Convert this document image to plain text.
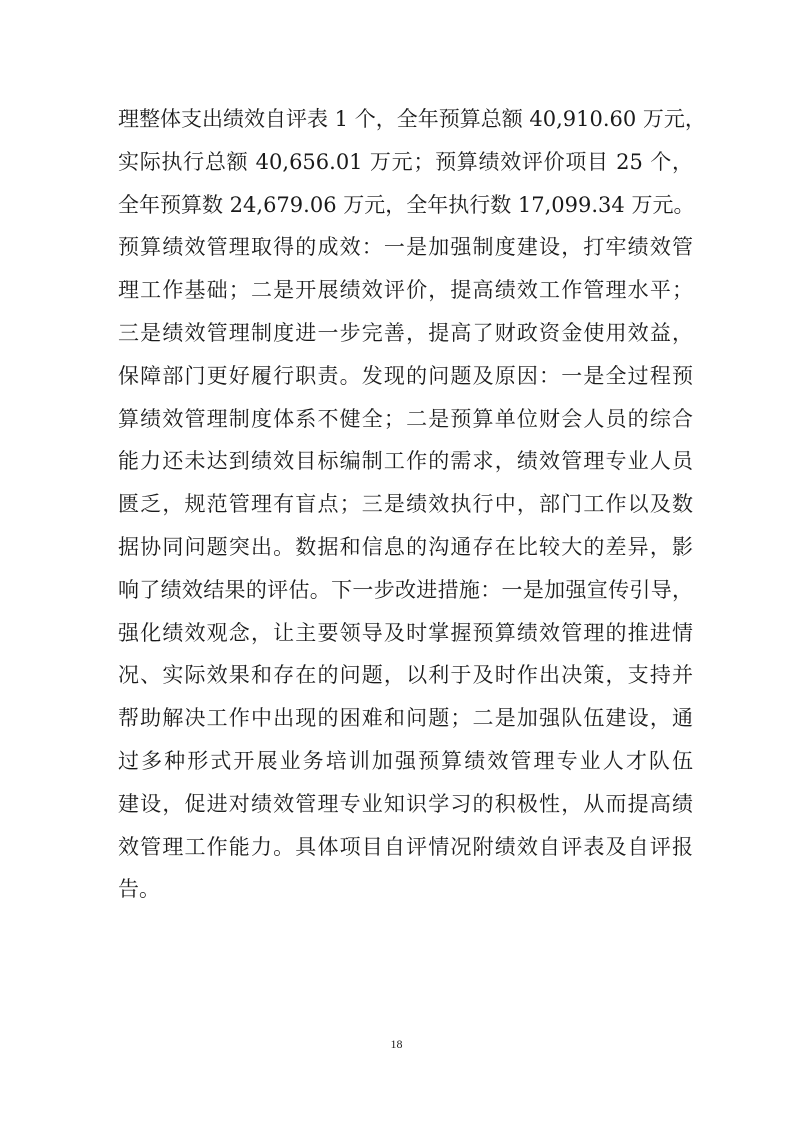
理整体支出绩效自评表 1 个，全年预算总额 40,910.60 万元，
实际执行总额 40,656.01 万元；预算绩效评价项目 25 个，
全年预算数 24,679.06 万元，全年执行数 17,099.34 万元。
预算绩效管理取得的成效：一是加强制度建设，打牢绩效管
理工作基础；二是开展绩效评价，提高绩效工作管理水平；
三是绩效管理制度进一步完善，提高了财政资金使用效益，
保障部门更好履行职责。发现的问题及原因：一是全过程预
算绩效管理制度体系不健全；二是预算单位财会人员的综合
能力还未达到绩效目标编制工作的需求，绩效管理专业人员
匮乏，规范管理有盲点；三是绩效执行中，部门工作以及数
据协同问题突出。数据和信息的沟通存在比较大的差异，影
响了绩效结果的评估。下一步改进措施：一是加强宣传引导，
强化绩效观念，让主要领导及时掌握预算绩效管理的推进情
况、实际效果和存在的问题，以利于及时作出决策，支持并
帮助解决工作中出现的困难和问题；二是加强队伍建设，通
过多种形式开展业务培训加强预算绩效管理专业人才队伍
建设，促进对绩效管理专业知识学习的积极性，从而提高绩
效管理工作能力。具体项目自评情况附绩效自评表及自评报
告。
18
